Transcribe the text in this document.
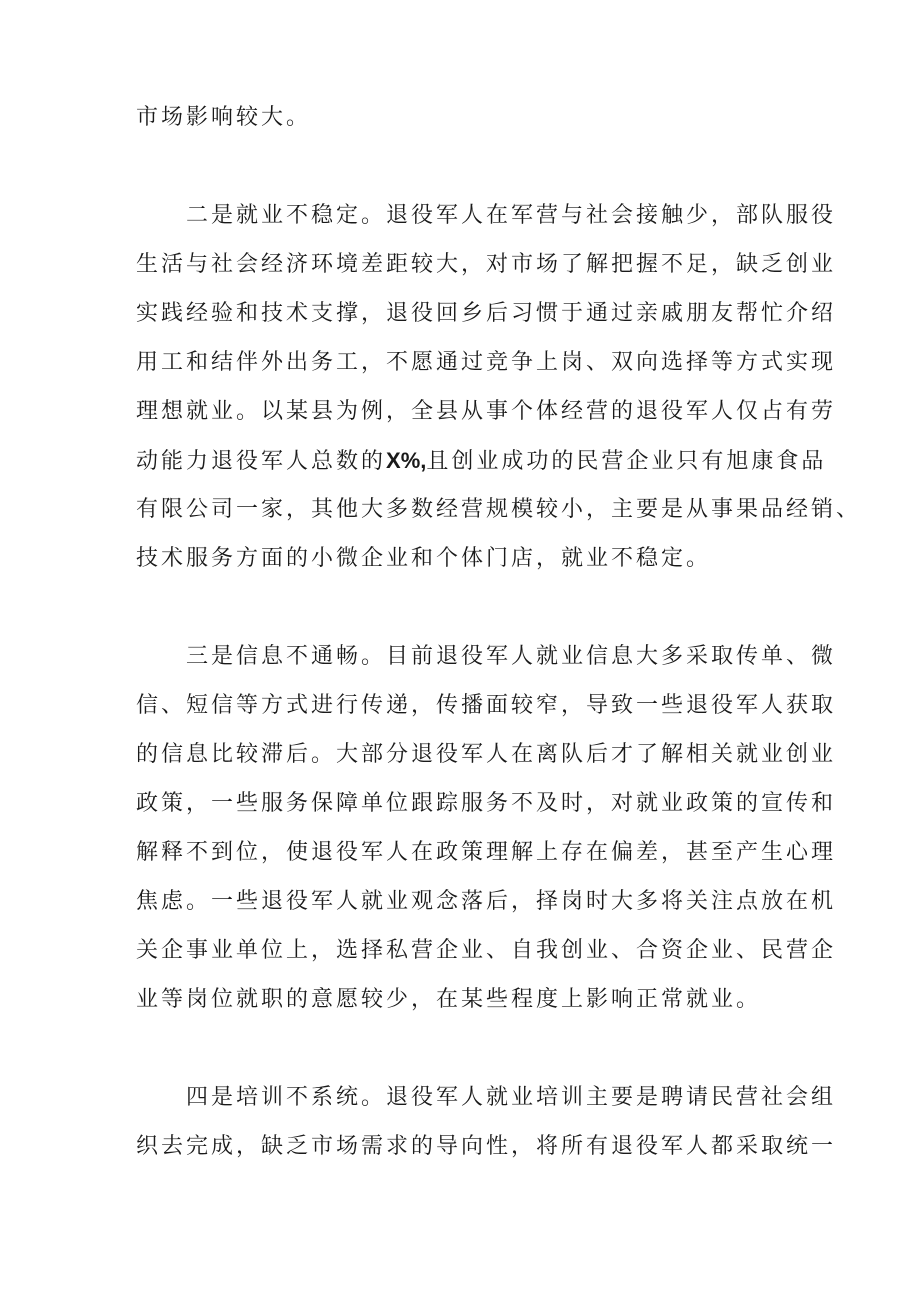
市场影响较大。
二是就业不稳定。退役军人在军营与社会接触少，部队服役
生活与社会经济环境差距较大，对市场了解把握不足，缺乏创业
实践经验和技术支撑，退役回乡后习惯于通过亲戚朋友帮忙介绍
用工和结伴外出务工，不愿通过竞争上岗、双向选择等方式实现
理想就业。以某县为例，全县从事个体经营的退役军人仅占有劳
动能力退役军人总数的X%,且创业成功的民营企业只有旭康食品
有限公司一家，其他大多数经营规模较小，主要是从事果品经销、
技术服务方面的小微企业和个体门店，就业不稳定。
三是信息不通畅。目前退役军人就业信息大多采取传单、微
信、短信等方式进行传递，传播面较窄，导致一些退役军人获取
的信息比较滞后。大部分退役军人在离队后才了解相关就业创业
政策，一些服务保障单位跟踪服务不及时，对就业政策的宣传和
解释不到位，使退役军人在政策理解上存在偏差，甚至产生心理
焦虑。一些退役军人就业观念落后，择岗时大多将关注点放在机
关企事业单位上，选择私营企业、自我创业、合资企业、民营企
业等岗位就职的意愿较少，在某些程度上影响正常就业。
四是培训不系统。退役军人就业培训主要是聘请民营社会组
织去完成，缺乏市场需求的导向性，将所有退役军人都采取统一
